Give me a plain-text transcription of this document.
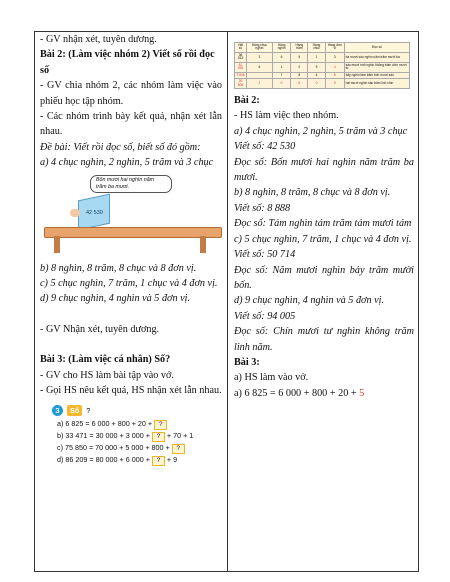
- GV nhận xét, tuyên dương.

Bài 2: (Làm việc nhóm 2) Viết số rồi đọc số

- GV chia nhóm 2, các nhóm làm việc vào phiếu học tập nhóm.

- Các nhóm trình bày kết quả, nhận xét lẫn nhau.

Đề bài: Viết rồi đọc số, biết số đó gồm:

a) 4 chục nghìn, 2 nghìn, 5 trăm và 3 chục

Bốn mươi hai nghìn năm trăm ba mươi.
42 530

b) 8 nghìn, 8 trăm, 8 chục và 8 đơn vị.

c) 5 chục nghìn, 7 trăm, 1 chục và 4 đơn vị.

d) 9 chục nghìn, 4 nghìn và 5 đơn vị.

- GV Nhận xét, tuyên dương.

Bài 3: (Làm việc cá nhân) Số?

- GV cho HS làm bài tập vào vở.

- Gọi HS nêu kết quả, HS nhận xét lẫn nhau.

3	Số ?
a) 6 825 = 6 000 + 800 + 20 + ?
b) 33 471 = 30 000 + 3 000 + ? + 70 + 1
c) 75 850 = 70 000 + 5 000 + 800 + ?
d) 86 209 = 80 000 + 6 000 + ? + 9
Viết số	Hàng chục nghìn	Hàng nghìn	Hàng trăm	Hàng chục	Hàng đơn vị	Đọc số
36 513	3	6	5	1	3	ba mươi sáu nghìn năm trăm mười ba
61 094	6	1	0	9	4	sáu mươi mốt nghìn không trăm chín mươi tư
7 846		7	8	4	6	bảy nghìn tám trăm bốn mươi sáu
20 609	2	0	6	0	9	hai mươi nghìn sáu trăm linh chín

Bài 2:

- HS làm việc theo nhóm.

a) 4 chục nghìn, 2 nghìn, 5 trăm và 3 chục

Viết số: 42 530

Đọc số: Bốn mươi hai nghìn năm trăm ba mươi.

b) 8 nghìn, 8 trăm, 8 chục và 8 đơn vị.

Viết số: 8 888

Đọc số: Tám nghìn tám trăm tám mươi tám

c) 5 chục nghìn, 7 trăm, 1 chục và 4 đơn vị.

Viết số: 50 714

Đọc số: Năm mươi nghìn bảy trăm mười bốn.

d) 9 chục nghìn, 4 nghìn và 5 đơn vị.

Viết số: 94 005

Đọc số: Chín mươi tư nghìn không trăm linh năm.

Bài 3:

a) HS làm vào vở.

a) 6 825 = 6 000 + 800 + 20 + 5
